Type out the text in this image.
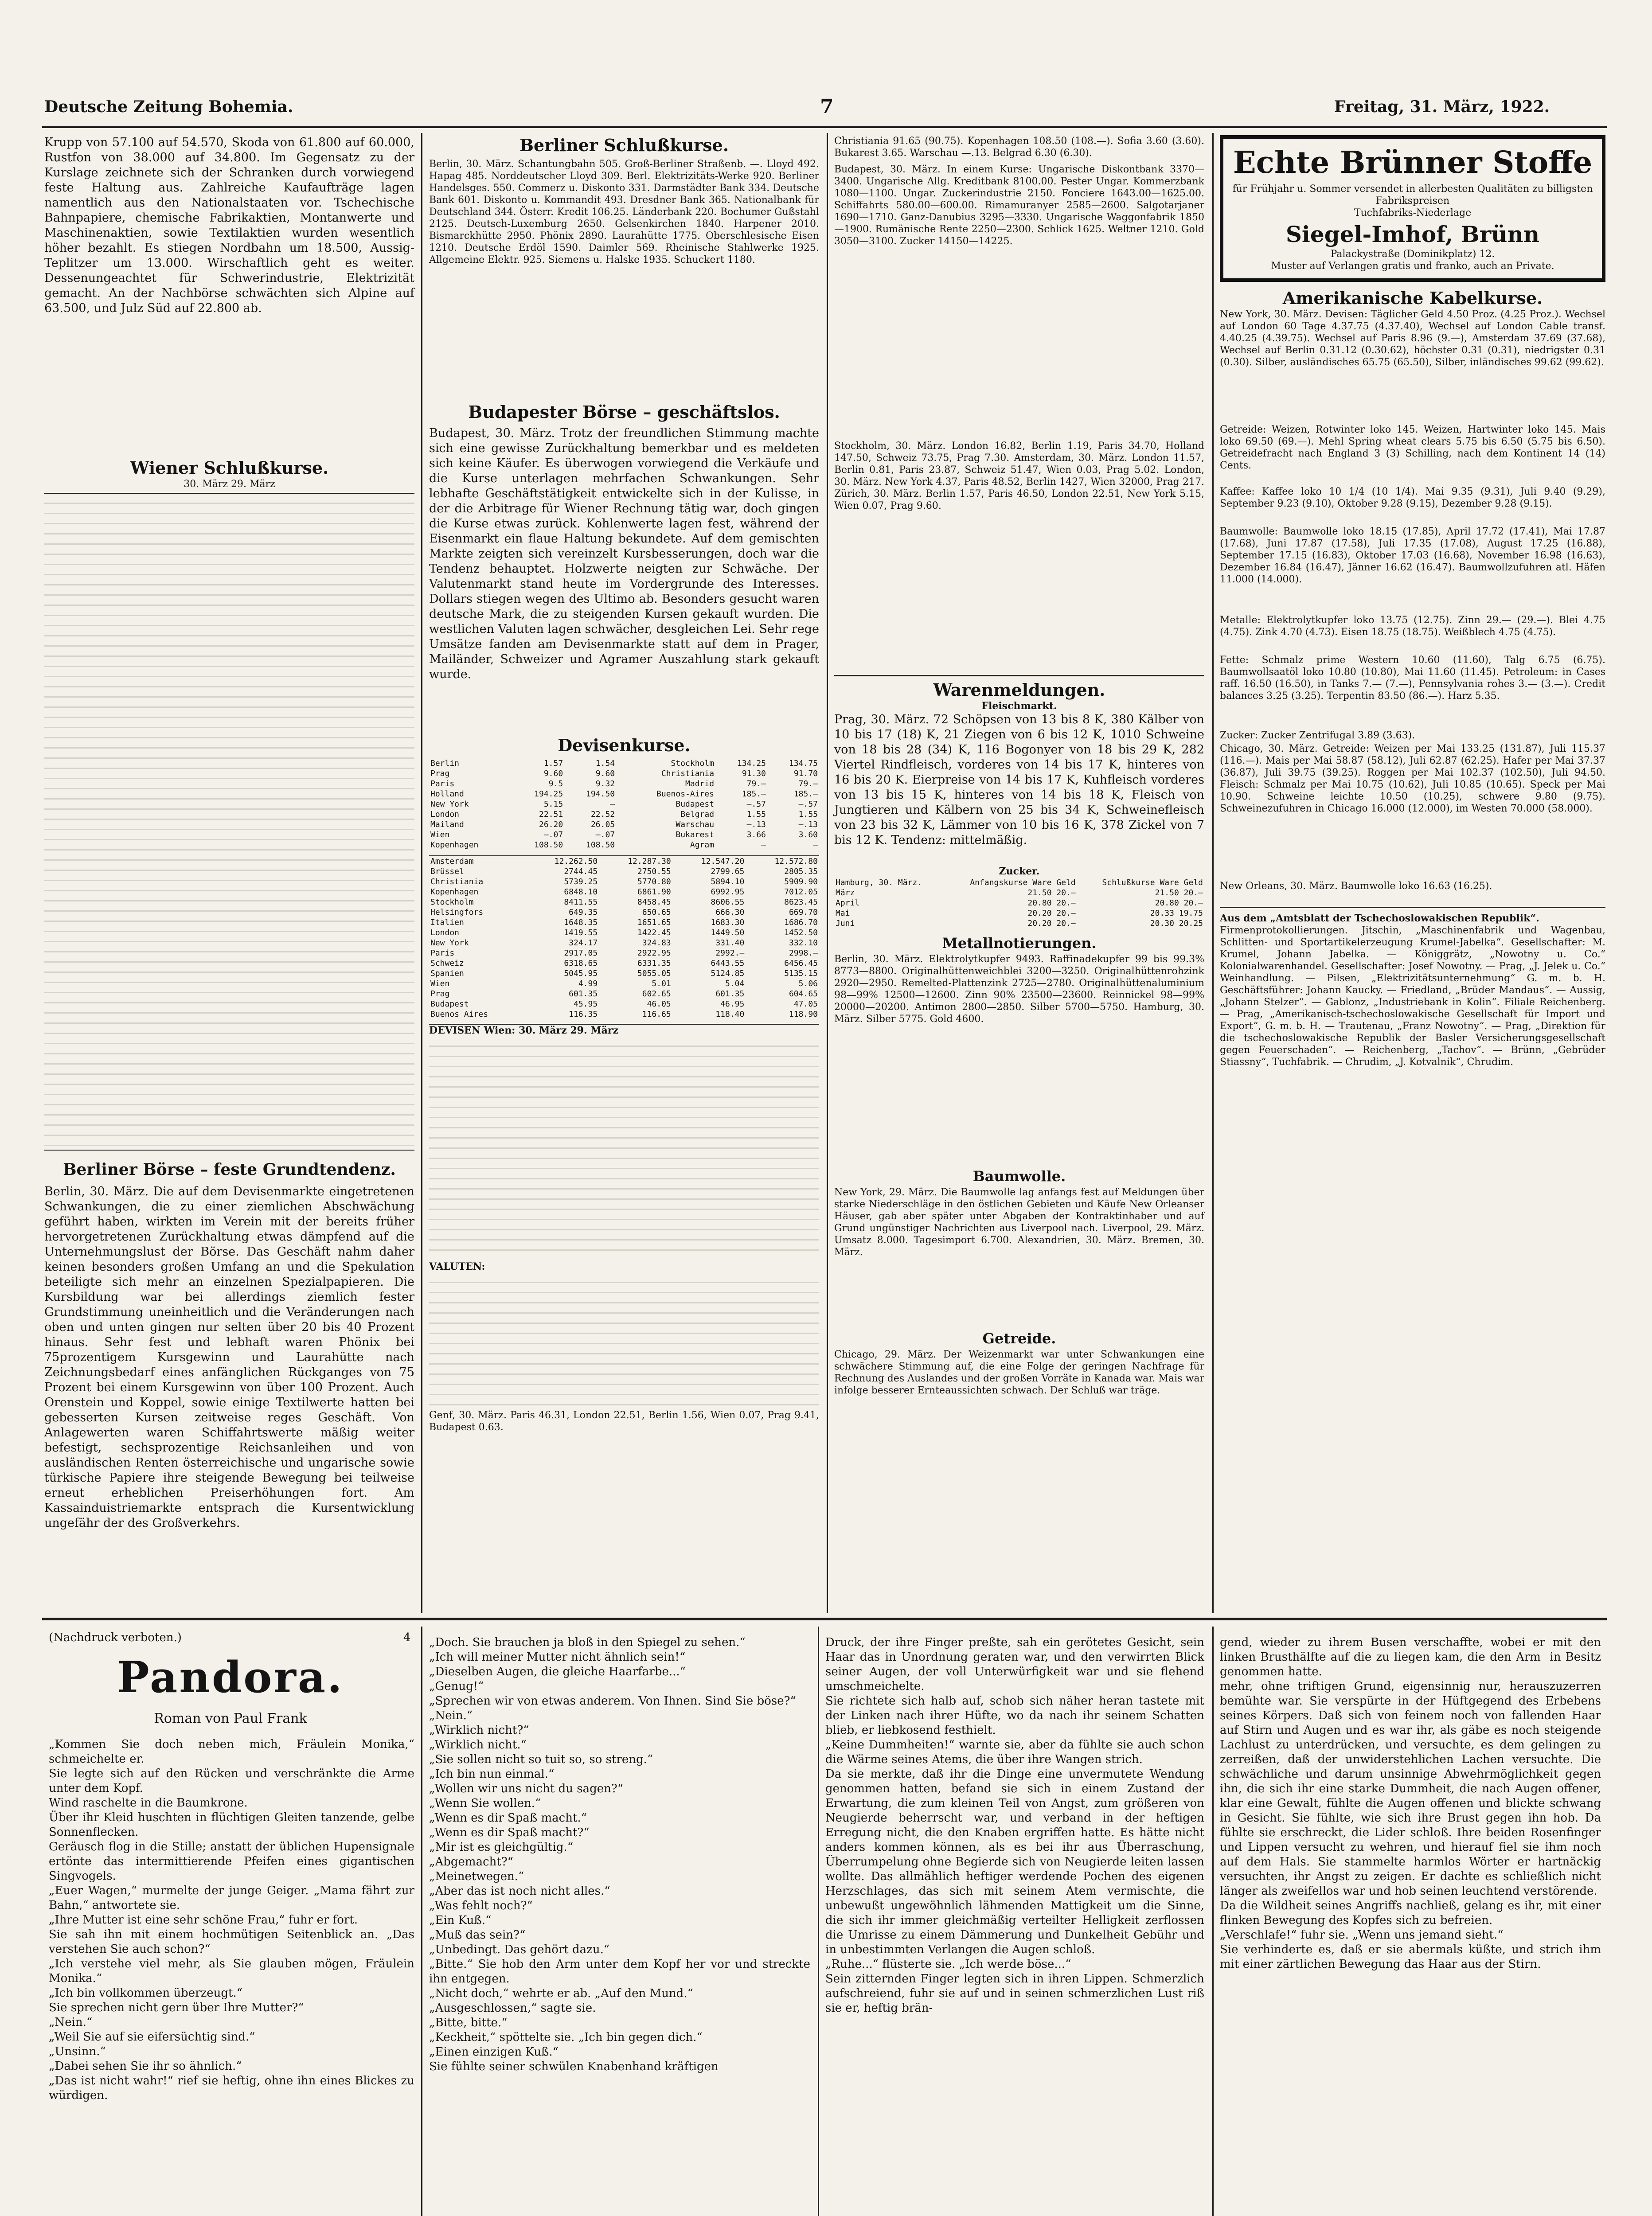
Deutsche Zeitung Bohemia.	7	Freitag, 31. März, 1922.
Krupp von 57.100 auf 54.570, Skoda von 61.800 auf 60.000, Rustfon von 38.000 auf 34.800. Im Gegensatz zu der Kurslage zeichnete sich der Schranken durch vorwiegend feste Haltung aus. Zahlreiche Kaufaufträge lagen namentlich aus den Nationalstaaten vor. Tschechische Bahnpapiere, chemische Fabrikaktien, Montanwerte und Maschinenaktien, sowie Textilaktien wurden wesentlich höher bezahlt. Es stiegen Nordbahn um 18.500, Aussig-Teplitzer um 13.000. Wirschaftlich geht es weiter. Dessenungeachtet für Schwerindustrie, Elektrizität gemacht. An der Nachbörse schwächten sich Alpine auf 63.500, und Julz Süd auf 22.800 ab.
Wiener Schlußkurse.
30. März 29. März
Berliner Börse – feste Grundtendenz.
Berlin, 30. März. Die auf dem Devisenmarkte eingetretenen Schwankungen, die zu einer ziemlichen Abschwächung geführt haben, wirkten im Verein mit der bereits früher hervorgetretenen Zurückhaltung etwas dämpfend auf die Unternehmungslust der Börse. Das Geschäft nahm daher keinen besonders großen Umfang an und die Spekulation beteiligte sich mehr an einzelnen Spezialpapieren. Die Kursbildung war bei allerdings ziemlich fester Grundstimmung uneinheitlich und die Veränderungen nach oben und unten gingen nur selten über 20 bis 40 Prozent hinaus. Sehr fest und lebhaft waren Phönix bei 75prozentigem Kursgewinn und Laurahütte nach Zeichnungsbedarf eines anfänglichen Rückganges von 75 Prozent bei einem Kursgewinn von über 100 Prozent. Auch Orenstein und Koppel, sowie einige Textilwerte hatten bei gebesserten Kursen zeitweise reges Geschäft. Von Anlagewerten waren Schiffahrtswerte mäßig weiter befestigt, sechsprozentige Reichsanleihen und von ausländischen Renten österreichische und ungarische sowie türkische Papiere ihre steigende Bewegung bei teilweise erneut erheblichen Preiserhöhungen fort. Am Kassainduistriemarkte entsprach die Kursentwicklung ungefähr der des Großverkehrs.
Berliner Schlußkurse.
Berlin, 30. März. Schantungbahn 505. Groß-Berliner Straßenb. —. Lloyd 492. Hapag 485. Norddeutscher Lloyd 309. Berl. Elektrizitäts-Werke 920. Berliner Handelsges. 550. Commerz u. Diskonto 331. Darmstädter Bank 334. Deutsche Bank 601. Diskonto u. Kommandit 493. Dresdner Bank 365. Nationalbank für Deutschland 344. Österr. Kredit 106.25. Länderbank 220. Bochumer Gußstahl 2125. Deutsch-Luxemburg 2650. Gelsenkirchen 1840. Harpener 2010. Bismarckhütte 2950. Phönix 2890. Laurahütte 1775. Oberschlesische Eisen 1210. Deutsche Erdöl 1590. Daimler 569. Rheinische Stahlwerke 1925. Allgemeine Elektr. 925. Siemens u. Halske 1935. Schuckert 1180.
Budapester Börse – geschäftslos.
Budapest, 30. März. Trotz der freundlichen Stimmung machte sich eine gewisse Zurückhaltung bemerkbar und es meldeten sich keine Käufer. Es überwogen vorwiegend die Verkäufe und die Kurse unterlagen mehrfachen Schwankungen. Sehr lebhafte Geschäftstätigkeit entwickelte sich in der Kulisse, in der die Arbitrage für Wiener Rechnung tätig war, doch gingen die Kurse etwas zurück. Kohlenwerte lagen fest, während der Eisenmarkt ein flaue Haltung bekundete. Auf dem gemischten Markte zeigten sich vereinzelt Kursbesserungen, doch war die Tendenz behauptet. Holzwerte neigten zur Schwäche. Der Valutenmarkt stand heute im Vordergrunde des Interesses. Dollars stiegen wegen des Ultimo ab. Besonders gesucht waren deutsche Mark, die zu steigenden Kursen gekauft wurden. Die westlichen Valuten lagen schwächer, desgleichen Lei. Sehr rege Umsätze fanden am Devisenmarkte statt auf dem in Prager, Mailänder, Schweizer und Agramer Auszahlung stark gekauft wurde.
Devisenkurse.
Berlin	1.57	1.54	Stockholm	134.25	134.75
Prag	9.60	9.60	Christiania	91.30	91.70
Paris	9.5	9.32	Madrid	79.—	79.—
Holland	194.25	194.50	Buenos-Aires	185.—	185.—
New York	5.15	—	Budapest	—.57	—.57
London	22.51	22.52	Belgrad	1.55	1.55
Mailand	26.20	26.05	Warschau	—.13	—.13
Wien	—.07	—.07	Bukarest	3.66	3.60
Kopenhagen	108.50	108.50	Agram	—	—
Amsterdam	12.262.50	12.287.30	12.547.20	12.572.80
Brüssel	2744.45	2750.55	2799.65	2805.35
Christiania	5739.25	5770.80	5894.10	5909.90
Kopenhagen	6848.10	6861.90	6992.95	7012.05
Stockholm	8411.55	8458.45	8606.55	8623.45
Helsingfors	649.35	650.65	666.30	669.70
Italien	1648.35	1651.65	1683.30	1686.70
London	1419.55	1422.45	1449.50	1452.50
New York	324.17	324.83	331.40	332.10
Paris	2917.05	2922.95	2992.—	2998.—
Schweiz	6318.65	6331.35	6443.55	6456.45
Spanien	5045.95	5055.05	5124.85	5135.15
Wien	4.99	5.01	5.04	5.06
Prag	601.35	602.65	601.35	604.65
Budapest	45.95	46.05	46.95	47.05
Buenos Aires	116.35	116.65	118.40	118.90
DEVISEN Wien: 30. März 29. März
VALUTEN:
Genf, 30. März. Paris 46.31, London 22.51, Berlin 1.56, Wien 0.07, Prag 9.41, Budapest 0.63.
Christiania 91.65 (90.75). Kopenhagen 108.50 (108.—). Sofia 3.60 (3.60). Bukarest 3.65. Warschau —.13. Belgrad 6.30 (6.30).
Budapest, 30. März. In einem Kurse: Ungarische Diskontbank 3370—3400. Ungarische Allg. Kreditbank 8100.00. Pester Ungar. Kommerzbank 1080—1100. Ungar. Zuckerindustrie 2150. Fonciere 1643.00—1625.00. Schiffahrts 580.00—600.00. Rimamuranyer 2585—2600. Salgotarjaner 1690—1710. Ganz-Danubius 3295—3330. Ungarische Waggonfabrik 1850—1900. Rumänische Rente 2250—2300. Schlick 1625. Weltner 1210. Gold 3050—3100. Zucker 14150—14225.
Stockholm, 30. März. London 16.82, Berlin 1.19, Paris 34.70, Holland 147.50, Schweiz 73.75, Prag 7.30. Amsterdam, 30. März. London 11.57, Berlin 0.81, Paris 23.87, Schweiz 51.47, Wien 0.03, Prag 5.02. London, 30. März. New York 4.37, Paris 48.52, Berlin 1427, Wien 32000, Prag 217. Zürich, 30. März. Berlin 1.57, Paris 46.50, London 22.51, New York 5.15, Wien 0.07, Prag 9.60.
Warenmeldungen.
Fleischmarkt.
Prag, 30. März. 72 Schöpsen von 13 bis 8 K, 380 Kälber von 10 bis 17 (18) K, 21 Ziegen von 6 bis 12 K, 1010 Schweine von 18 bis 28 (34) K, 116 Bogonyer von 18 bis 29 K, 282 Viertel Rindfleisch, vorderes von 14 bis 17 K, hinteres von 16 bis 20 K. Eierpreise von 14 bis 17 K, Kuhfleisch vorderes von 13 bis 15 K, hinteres von 14 bis 18 K, Fleisch von Jungtieren und Kälbern von 25 bis 34 K, Schweinefleisch von 23 bis 32 K, Lämmer von 10 bis 16 K, 378 Zickel von 7 bis 12 K. Tendenz: mittelmäßig.
Zucker.
Hamburg, 30. März.	Anfangskurse Ware Geld	Schlußkurse Ware Geld
März	21.50 20.—	21.50 20.—
April	20.80 20.—	20.80 20.—
Mai	20.20 20.—	20.33 19.75
Juni	20.20 20.—	20.30 20.25
Metallnotierungen.
Berlin, 30. März. Elektrolytkupfer 9493. Raffinadekupfer 99 bis 99.3% 8773—8800. Originalhüttenweichblei 3200—3250. Originalhüttenrohzink 2920—2950. Remelted-Plattenzink 2725—2780. Originalhüttenaluminium 98—99% 12500—12600. Zinn 90% 23500—23600. Reinnickel 98—99% 20000—20200. Antimon 2800—2850. Silber 5700—5750. Hamburg, 30. März. Silber 5775. Gold 4600.
Baumwolle.
New York, 29. März. Die Baumwolle lag anfangs fest auf Meldungen über starke Niederschläge in den östlichen Gebieten und Käufe New Orleanser Häuser, gab aber später unter Abgaben der Kontraktinhaber und auf Grund ungünstiger Nachrichten aus Liverpool nach. Liverpool, 29. März. Umsatz 8.000. Tagesimport 6.700. Alexandrien, 30. März. Bremen, 30. März.
Getreide.
Chicago, 29. März. Der Weizenmarkt war unter Schwankungen eine schwächere Stimmung auf, die eine Folge der geringen Nachfrage für Rechnung des Auslandes und der großen Vorräte in Kanada war. Mais war infolge besserer Ernteaussichten schwach. Der Schluß war träge.
Echte Brünner Stoffe
für Frühjahr u. Sommer versendet in allerbesten Qualitäten zu billigsten Fabrikspreisen
Tuchfabriks-Niederlage
Siegel-Imhof, Brünn
Palackystraße (Dominikplatz) 12.
Muster auf Verlangen gratis und franko, auch an Private.
Amerikanische Kabelkurse.
New York, 30. März. Devisen: Täglicher Geld 4.50 Proz. (4.25 Proz.). Wechsel auf London 60 Tage 4.37.75 (4.37.40), Wechsel auf London Cable transf. 4.40.25 (4.39.75). Wechsel auf Paris 8.96 (9.—), Amsterdam 37.69 (37.68), Wechsel auf Berlin 0.31.12 (0.30.62), höchster 0.31 (0.31), niedrigster 0.31 (0.30). Silber, ausländisches 65.75 (65.50), Silber, inländisches 99.62 (99.62).
Getreide: Weizen, Rotwinter loko 145. Weizen, Hartwinter loko 145. Mais loko 69.50 (69.—). Mehl Spring wheat clears 5.75 bis 6.50 (5.75 bis 6.50). Getreidefracht nach England 3 (3) Schilling, nach dem Kontinent 14 (14) Cents.
Kaffee: Kaffee loko 10 1/4 (10 1/4). Mai 9.35 (9.31), Juli 9.40 (9.29), September 9.23 (9.10), Oktober 9.28 (9.15), Dezember 9.28 (9.15).
Baumwolle: Baumwolle loko 18.15 (17.85), April 17.72 (17.41), Mai 17.87 (17.68), Juni 17.87 (17.58), Juli 17.35 (17.08), August 17.25 (16.88), September 17.15 (16.83), Oktober 17.03 (16.68), November 16.98 (16.63), Dezember 16.84 (16.47), Jänner 16.62 (16.47). Baumwollzufuhren atl. Häfen 11.000 (14.000).
Metalle: Elektrolytkupfer loko 13.75 (12.75). Zinn 29.— (29.—). Blei 4.75 (4.75). Zink 4.70 (4.73). Eisen 18.75 (18.75). Weißblech 4.75 (4.75).
Fette: Schmalz prime Western 10.60 (11.60), Talg 6.75 (6.75). Baumwollsaatöl loko 10.80 (10.80), Mai 11.60 (11.45). Petroleum: in Cases raff. 16.50 (16.50), in Tanks 7.— (7.—), Pennsylvania rohes 3.— (3.—). Credit balances 3.25 (3.25). Terpentin 83.50 (86.—). Harz 5.35.
Zucker: Zucker Zentrifugal 3.89 (3.63).
Chicago, 30. März. Getreide: Weizen per Mai 133.25 (131.87), Juli 115.37 (116.—). Mais per Mai 58.87 (58.12), Juli 62.87 (62.25). Hafer per Mai 37.37 (36.87), Juli 39.75 (39.25). Roggen per Mai 102.37 (102.50), Juli 94.50. Fleisch: Schmalz per Mai 10.75 (10.62), Juli 10.85 (10.65). Speck per Mai 10.90. Schweine leichte 10.50 (10.25), schwere 9.80 (9.75). Schweinezufuhren in Chicago 16.000 (12.000), im Westen 70.000 (58.000).
New Orleans, 30. März. Baumwolle loko 16.63 (16.25).
Aus dem „Amtsblatt der Tschechoslowakischen Republik“.
Firmenprotokollierungen. Jitschin, „Maschinenfabrik und Wagenbau, Schlitten- und Sportartikelerzeugung Krumel-Jabelka“. Gesellschafter: M. Krumel, Johann Jabelka. — Königgrätz, „Nowotny u. Co.“ Kolonialwarenhandel. Gesellschafter: Josef Nowotny. — Prag, „J. Jelek u. Co.“ Weinhandlung. — Pilsen, „Elektrizitätsunternehmung“ G. m. b. H. Geschäftsführer: Johann Kaucky. — Friedland, „Brüder Mandaus“. — Aussig, „Johann Stelzer“. — Gablonz, „Industriebank in Kolin“. Filiale Reichenberg. — Prag, „Amerikanisch-tschechoslowakische Gesellschaft für Import und Export“, G. m. b. H. — Trautenau, „Franz Nowotny“. — Prag, „Direktion für die tschechoslowakische Republik der Basler Versicherungsgesellschaft gegen Feuerschaden“. — Reichenberg, „Tachov“. — Brünn, „Gebrüder Stiassny“, Tuchfabrik. — Chrudim, „J. Kotvalnik“, Chrudim.
(Nachdruck verboten.)	4
Pandora.
Roman von Paul Frank
„Kommen Sie doch neben mich, Fräulein Monika,“ schmeichelte er.
Sie legte sich auf den Rücken und verschränkte die Arme unter dem Kopf.
Wind raschelte in die Baumkrone.
Über ihr Kleid huschten in flüchtigen Gleiten tanzende, gelbe Sonnenflecken.
Geräusch flog in die Stille; anstatt der üblichen Hupensignale ertönte das intermittierende Pfeifen eines gigantischen Singvogels.
„Euer Wagen,“ murmelte der junge Geiger. „Mama fährt zur Bahn,“ antwortete sie.
„Ihre Mutter ist eine sehr schöne Frau,“ fuhr er fort.
Sie sah ihn mit einem hochmütigen Seitenblick an. „Das verstehen Sie auch schon?“
„Ich verstehe viel mehr, als Sie glauben mögen, Fräulein Monika.“
„Ich bin vollkommen überzeugt.“
Sie sprechen nicht gern über Ihre Mutter?“
„Nein.“
„Weil Sie auf sie eifersüchtig sind.“
„Unsinn.“
„Dabei sehen Sie ihr so ähnlich.“
„Das ist nicht wahr!“ rief sie heftig, ohne ihn eines Blickes zu würdigen.
„Doch. Sie brauchen ja bloß in den Spiegel zu sehen.“
„Ich will meiner Mutter nicht ähnlich sein!“
„Dieselben Augen, die gleiche Haarfarbe...“
„Genug!“
„Sprechen wir von etwas anderem. Von Ihnen. Sind Sie böse?“
„Nein.“
„Wirklich nicht?“
„Wirklich nicht.“
„Sie sollen nicht so tuit so, so streng.“
„Ich bin nun einmal.“
„Wollen wir uns nicht du sagen?“
„Wenn Sie wollen.“
„Wenn es dir Spaß macht.“
„Wenn es dir Spaß macht?“
„Mir ist es gleichgültig.“
„Abgemacht?“
„Meinetwegen.“
„Aber das ist noch nicht alles.“
„Was fehlt noch?“
„Ein Kuß.“
„Muß das sein?“
„Unbedingt. Das gehört dazu.“
„Bitte.“ Sie hob den Arm unter dem Kopf her vor und streckte ihn entgegen.
„Nicht doch,“ wehrte er ab. „Auf den Mund.“
„Ausgeschlossen,“ sagte sie.
„Bitte, bitte.“
„Keckheit,“ spöttelte sie. „Ich bin gegen dich.“
„Einen einzigen Kuß.“
Sie fühlte seiner schwülen Knabenhand kräftigen
Druck, der ihre Finger preßte, sah ein gerötetes Gesicht, sein Haar das in Unordnung geraten war, und den verwirrten Blick seiner Augen, der voll Unterwürfigkeit war und sie flehend umschmeichelte.
Sie richtete sich halb auf, schob sich näher heran tastete mit der Linken nach ihrer Hüfte, wo da nach ihr seinem Schatten blieb, er liebkosend festhielt.
„Keine Dummheiten!“ warnte sie, aber da fühlte sie auch schon die Wärme seines Atems, die über ihre Wangen strich.
Da sie merkte, daß ihr die Dinge eine unvermutete Wendung genommen hatten, befand sie sich in einem Zustand der Erwartung, die zum kleinen Teil von Angst, zum größeren von Neugierde beherrscht war, und verband in der heftigen Erregung nicht, die den Knaben ergriffen hatte. Es hätte nicht anders kommen können, als es bei ihr aus Überraschung, Überrumpelung ohne Begierde sich von Neugierde leiten lassen wollte. Das allmählich heftiger werdende Pochen des eigenen Herzschlages, das sich mit seinem Atem vermischte, die unbewußt ungewöhnlich lähmenden Mattigkeit um die Sinne, die sich ihr immer gleichmäßig verteilter Helligkeit zerflossen die Umrisse zu einem Dämmerung und Dunkelheit Gebühr und in unbestimmten Verlangen die Augen schloß.
„Ruhe...“ flüsterte sie. „Ich werde böse...“
Sein zitternden Finger legten sich in ihren Lippen. Schmerzlich aufschreiend, fuhr sie auf und in seinen schmerzlichen Lust riß sie er, heftig brän-
gend, wieder zu ihrem Busen verschaffte, wobei er mit den linken Brusthälfte auf die zu liegen kam, die den Arm  in Besitz genommen hatte.
mehr, ohne triftigen Grund, eigensinnig nur, herauszuzerren bemühte war. Sie verspürte in der Hüftgegend des Erbebens seines Körpers. Daß sich von feinem noch von fallenden Haar auf Stirn und Augen und es war ihr, als gäbe es noch steigende Lachlust zu unterdrücken, und versuchte, es dem gelingen zu zerreißen, daß der unwiderstehlichen Lachen versuchte. Die schwächliche und darum unsinnige Abwehrmöglichkeit gegen ihn, die sich ihr eine starke Dummheit, die nach Augen offener, klar eine Gewalt, fühlte die Augen offenen und blickte schwang in Gesicht. Sie fühlte, wie sich ihre Brust gegen ihn hob. Da fühlte sie erschreckt, die Lider schloß. Ihre beiden Rosenfinger und Lippen versucht zu wehren, und hierauf fiel sie ihm noch auf dem Hals. Sie stammelte harmlos Wörter er hartnäckig versuchten, ihr Angst zu zeigen. Er dachte es schließlich nicht länger als zweifellos war und hob seinen leuchtend verstörende.
Da die Wildheit seines Angriffs nachließ, gelang es ihr, mit einer flinken Bewegung des Kopfes sich zu befreien.
„Verschlafe!“ fuhr sie. „Wenn uns jemand sieht.“
Sie verhinderte es, daß er sie abermals küßte, und strich ihm mit einer zärtlichen Bewegung das Haar aus der Stirn.
